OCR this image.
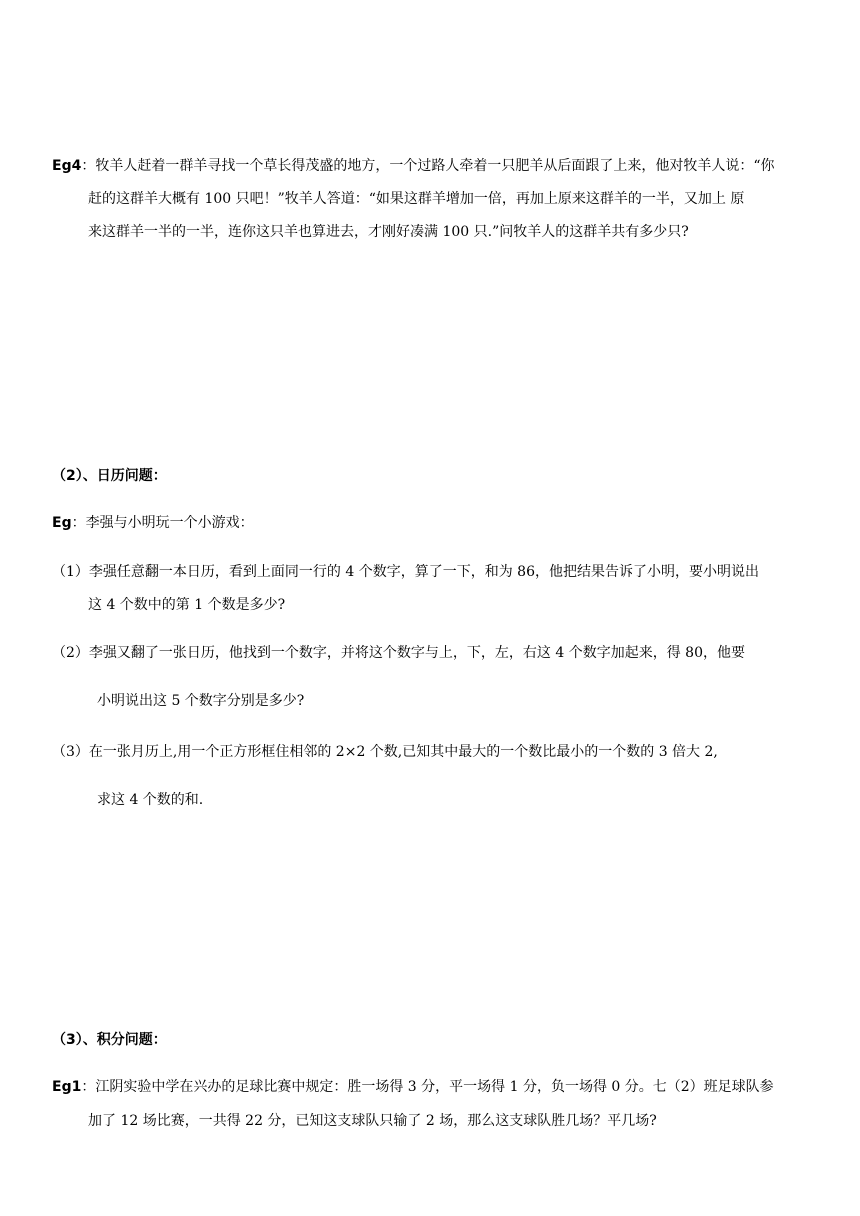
Eg4：牧羊人赶着一群羊寻找一个草长得茂盛的地方，一个过路人牵着一只肥羊从后面跟了上来，他对牧羊人说：“你
赶的这群羊大概有 100 只吧！”牧羊人答道：“如果这群羊增加一倍，再加上原来这群羊的一半，又加上 原
来这群羊一半的一半，连你这只羊也算进去，才刚好凑满 100 只.”问牧羊人的这群羊共有多少只?
（2）、日历问题：
Eg：李强与小明玩一个小游戏：
（1）李强任意翻一本日历，看到上面同一行的 4 个数字，算了一下，和为 86，他把结果告诉了小明，要小明说出
这 4 个数中的第 1 个数是多少?
（2）李强又翻了一张日历，他找到一个数字，并将这个数字与上，下，左，右这 4 个数字加起来，得 80，他要
小明说出这 5 个数字分别是多少?
（3）在一张月历上,用一个正方形框住相邻的 2×2 个数,已知其中最大的一个数比最小的一个数的 3 倍大 2,
求这 4 个数的和.
（3）、积分问题：
Eg1：江阴实验中学在兴办的足球比赛中规定：胜一场得 3 分，平一场得 1 分，负一场得 0 分。七（2）班足球队参
加了 12 场比赛，一共得 22 分，已知这支球队只输了 2 场，那么这支球队胜几场？平几场?
